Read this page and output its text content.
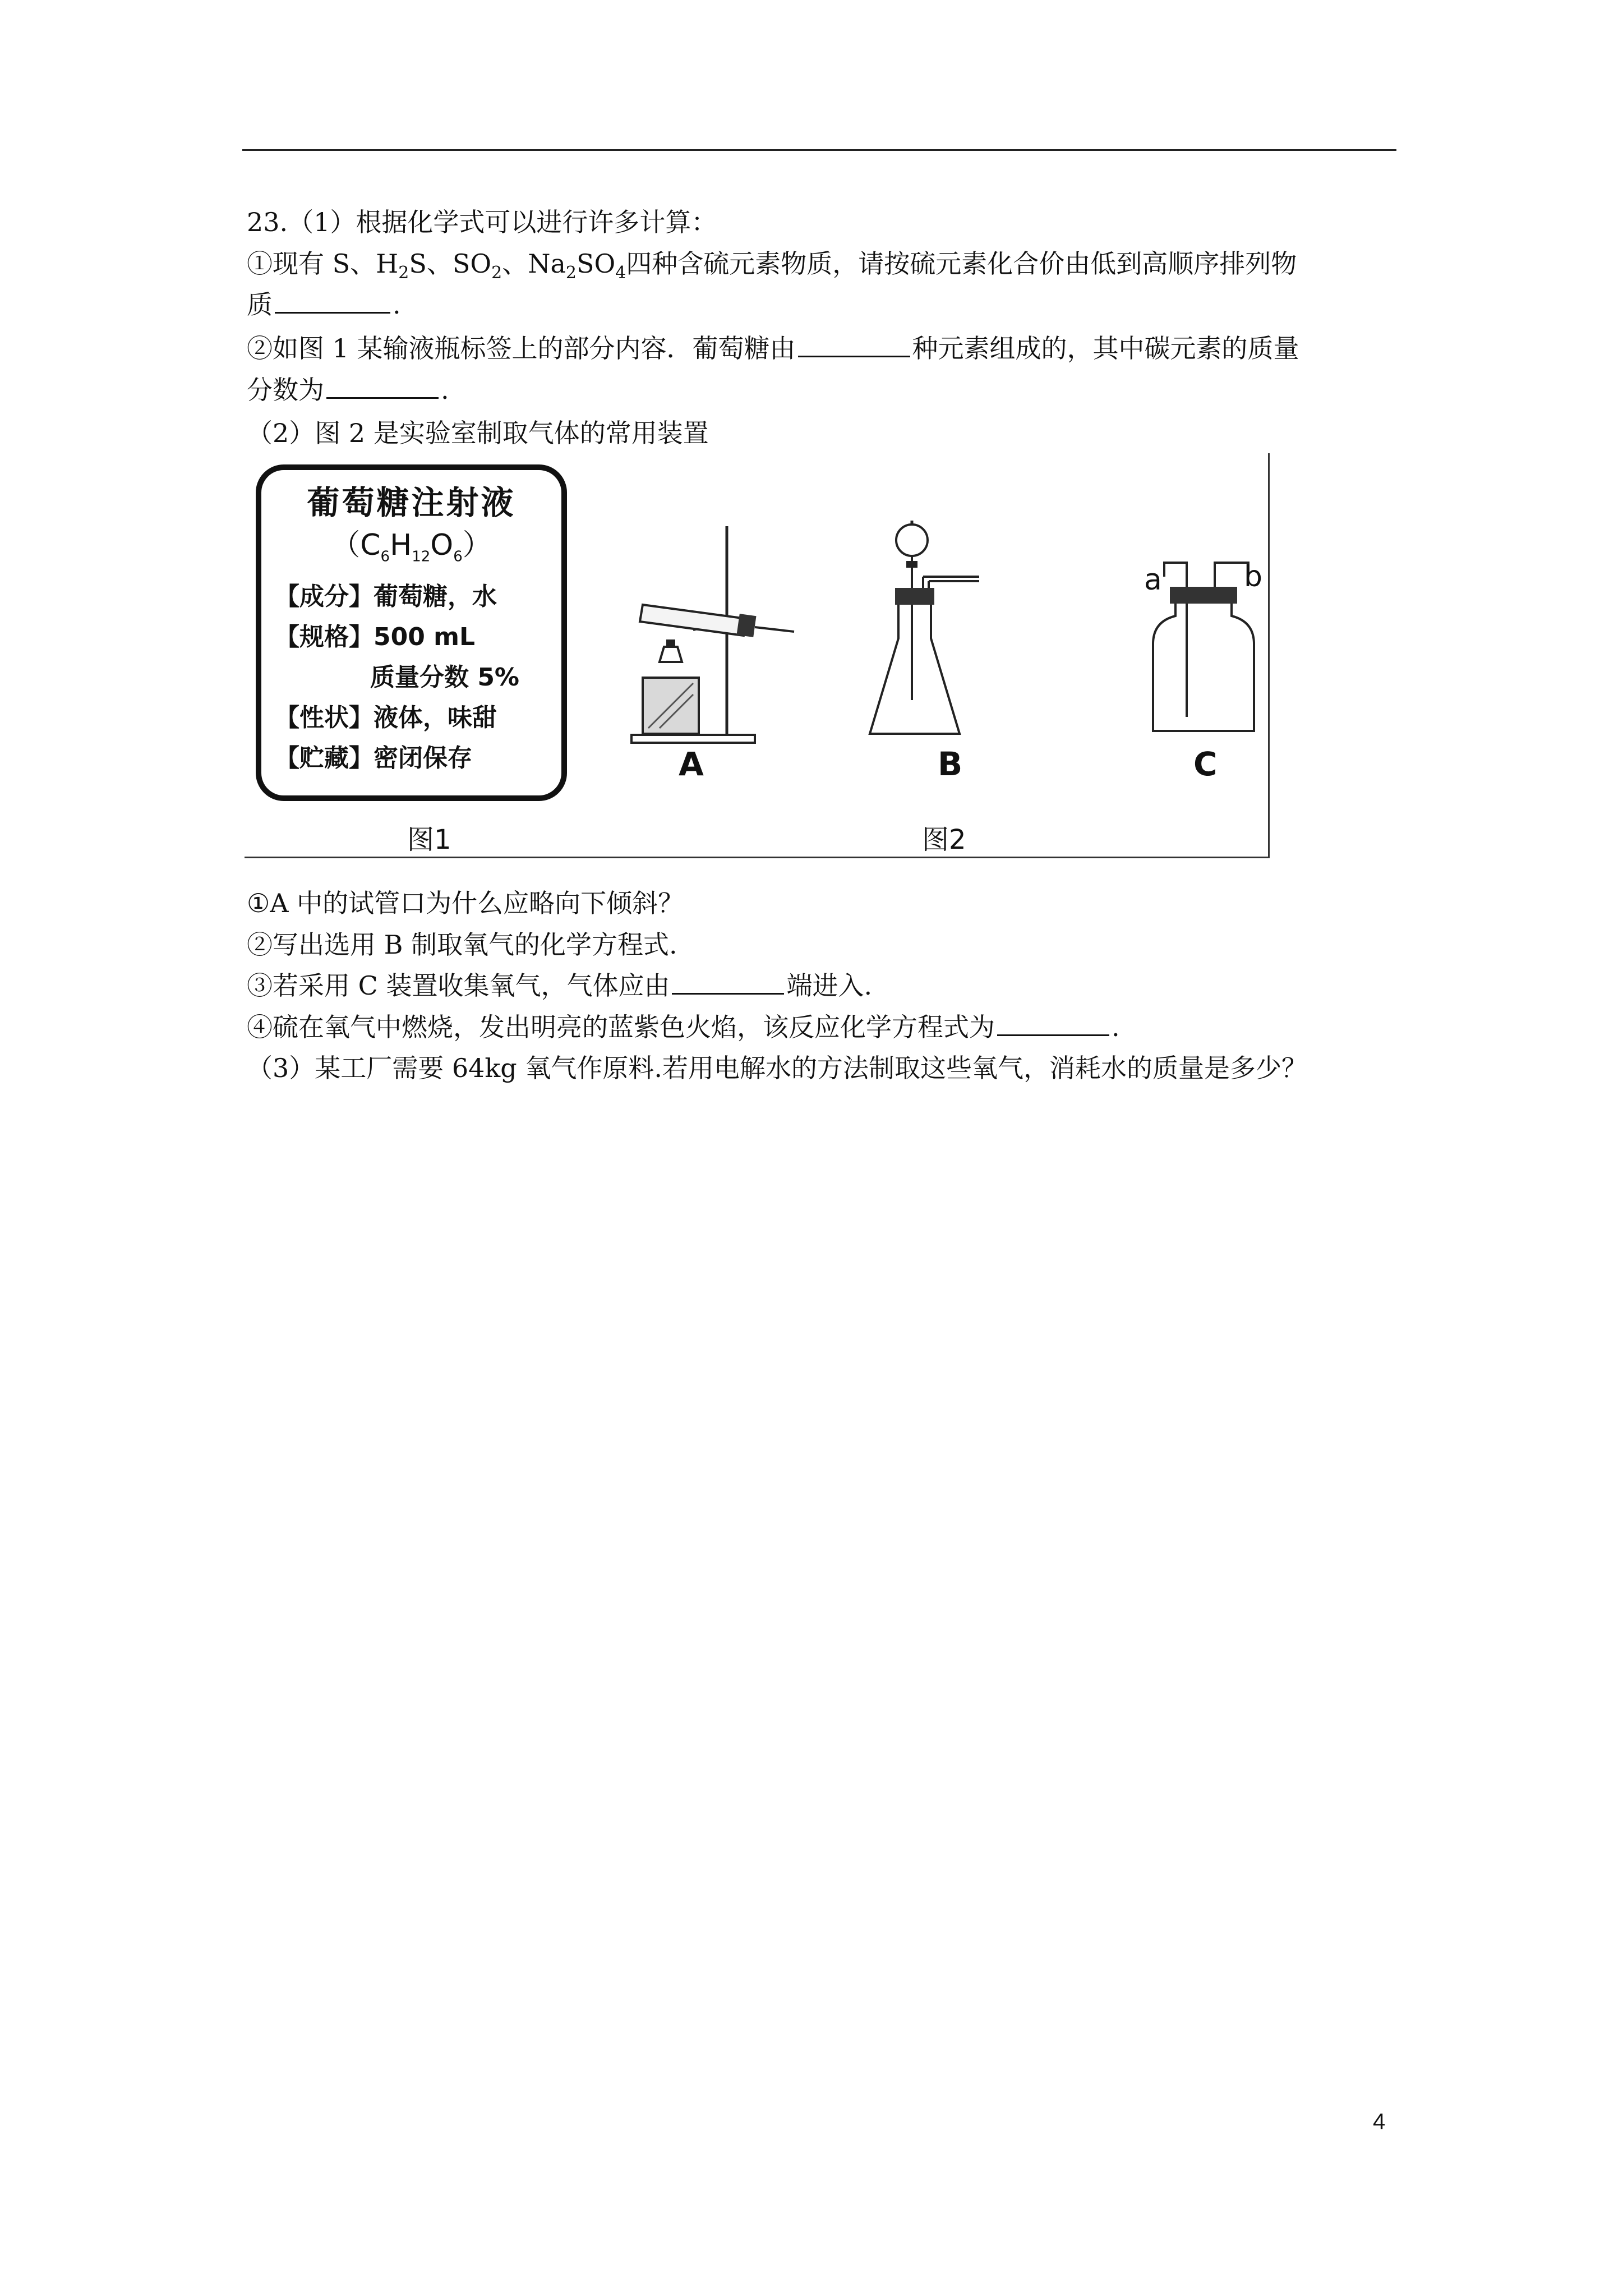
23.（1）根据化学式可以进行许多计算：
①现有 S、$H_2S$、$SO_2$、$Na_2SO_4$四种含硫元素物质，请按硫元素化合价由低到高顺序排列物
质	.
②如图 1 某输液瓶标签上的部分内容．葡萄糖由	种元素组成的，其中碳元素的质量
分数为	.
（2）图 2 是实验室制取气体的常用装置
葡萄糖注射液
$(C_6H_{12}O_6)$
【成分】葡萄糖，水
【规格】500 mL
质量分数 5%
【性状】液体，味甜
【贮藏】密闭保存
a	b
A	B	C
图1	图2
①A 中的试管口为什么应略向下倾斜？
②写出选用 B 制取氧气的化学方程式.
③若采用 C 装置收集氧气，气体应由	端进入.
④硫在氧气中燃烧，发出明亮的蓝紫色火焰，该反应化学方程式为	.
（3）某工厂需要 64kg 氧气作原料.若用电解水的方法制取这些氧气，消耗水的质量是多少？
4
